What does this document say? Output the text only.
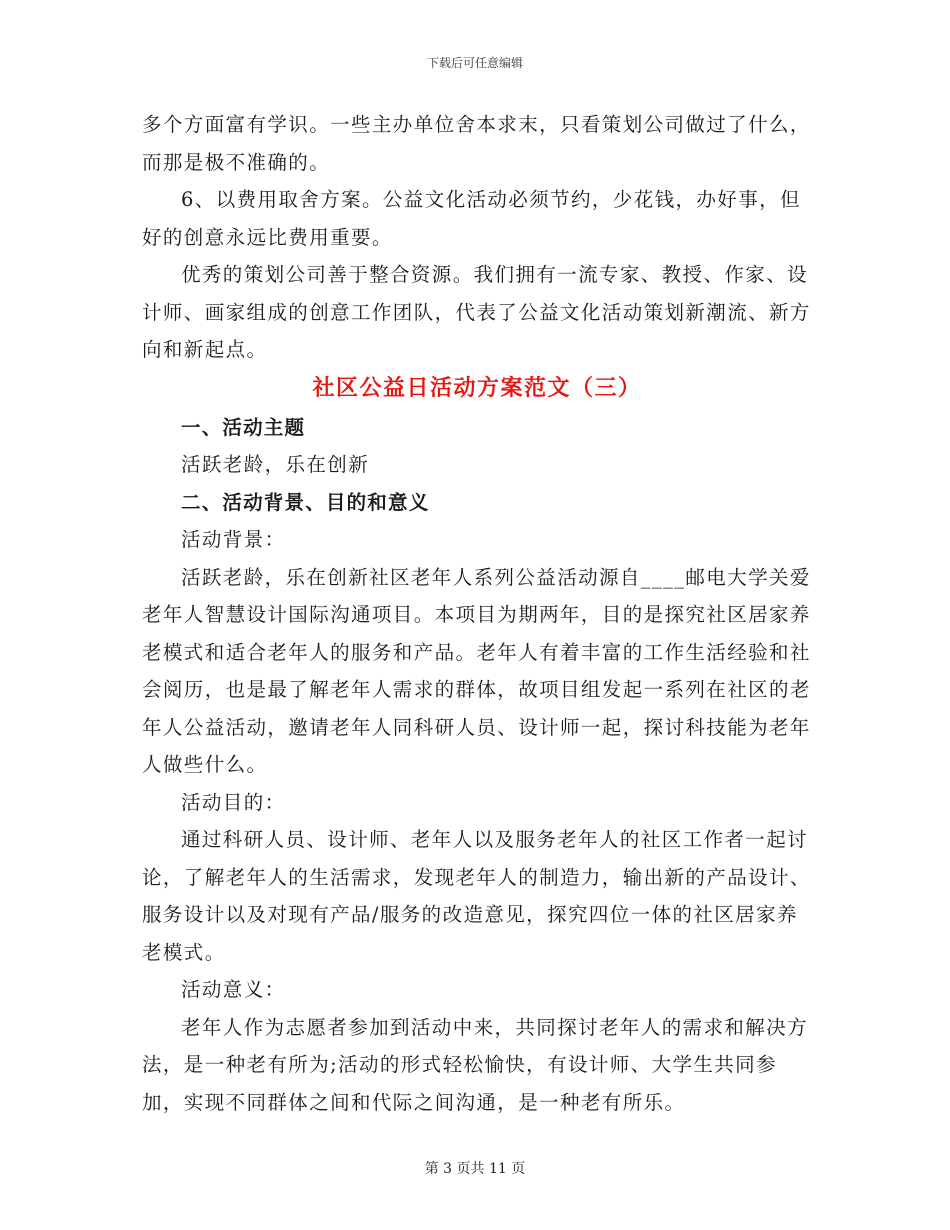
下载后可任意编辑

多个方面富有学识。一些主办单位舍本求末，只看策划公司做过了什么，而那是极不准确的。

6、以费用取舍方案。公益文化活动必须节约，少花钱，办好事，但好的创意永远比费用重要。

优秀的策划公司善于整合资源。我们拥有一流专家、教授、作家、设计师、画家组成的创意工作团队，代表了公益文化活动策划新潮流、新方向和新起点。

社区公益日活动方案范文（三）

一、活动主题

活跃老龄，乐在创新

二、活动背景、目的和意义

活动背景：

活跃老龄，乐在创新社区老年人系列公益活动源自____邮电大学关爱老年人智慧设计国际沟通项目。本项目为期两年，目的是探究社区居家养老模式和适合老年人的服务和产品。老年人有着丰富的工作生活经验和社会阅历，也是最了解老年人需求的群体，故项目组发起一系列在社区的老年人公益活动，邀请老年人同科研人员、设计师一起，探讨科技能为老年人做些什么。

活动目的：

通过科研人员、设计师、老年人以及服务老年人的社区工作者一起讨论，了解老年人的生活需求，发现老年人的制造力，输出新的产品设计、服务设计以及对现有产品/服务的改造意见，探究四位一体的社区居家养老模式。

活动意义：

老年人作为志愿者参加到活动中来，共同探讨老年人的需求和解决方法，是一种老有所为;活动的形式轻松愉快，有设计师、大学生共同参加，实现不同群体之间和代际之间沟通，是一种老有所乐。

第 3 页共 11 页
